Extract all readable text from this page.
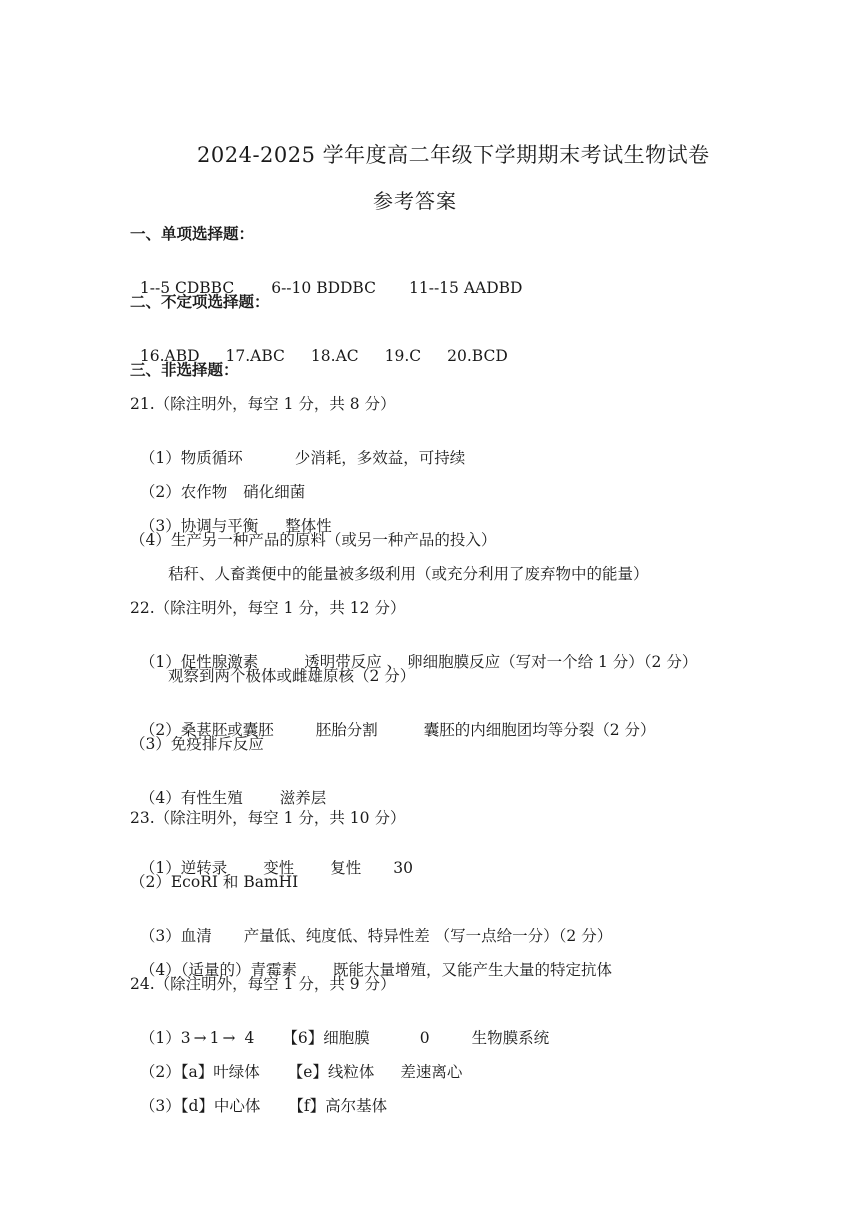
2024-2025 学年度高二年级下学期期末考试生物试卷
参考答案
一、单项选择题：

1--5 CDBBC 6--10 BDDBC 11--15 AADBD

二、不定项选择题：

16.ABD 17.ABC 18.AC 19.C 20.BCD

三、非选择题：
21.（除注明外，每空 1 分，共 8 分）

（1）物质循环	少消耗，多效益，可持续

（2）农作物 硝化细菌

（3）协调与平衡 整体性

（4）生产另一种产品的原料（或另一种产品的投入）
秸秆、人畜粪便中的能量被多级利用（或充分利用了废弃物中的能量）
22.（除注明外，每空 1 分，共 12 分）

（1）促性腺激素	透明带反应 、 卵细胞膜反应（写对一个给 1 分）（2 分）

观察到两个极体或雌雄原核（2 分）

（2）桑葚胚或囊胚	胚胎分割	囊胚的内细胞团均等分裂（2 分）

（3）免疫排斥反应

（4）有性生殖 滋养层

23.（除注明外，每空 1 分，共 10 分）

（1）逆转录 变性 复性 30

（2）EcoRI 和 BamHI

（3）血清 产量低、纯度低、特异性差 （写一点给一分）（2 分）

（4）（适量的）青霉素 既能大量增殖，又能产生大量的特定抗体

24.（除注明外，每空 1 分，共 9 分）

（1）3 → 1 → 4 【6】细胞膜	0	生物膜系统

（2）【a】叶绿体 【e】线粒体 差速离心

（3）【d】中心体 【f】高尔基体
